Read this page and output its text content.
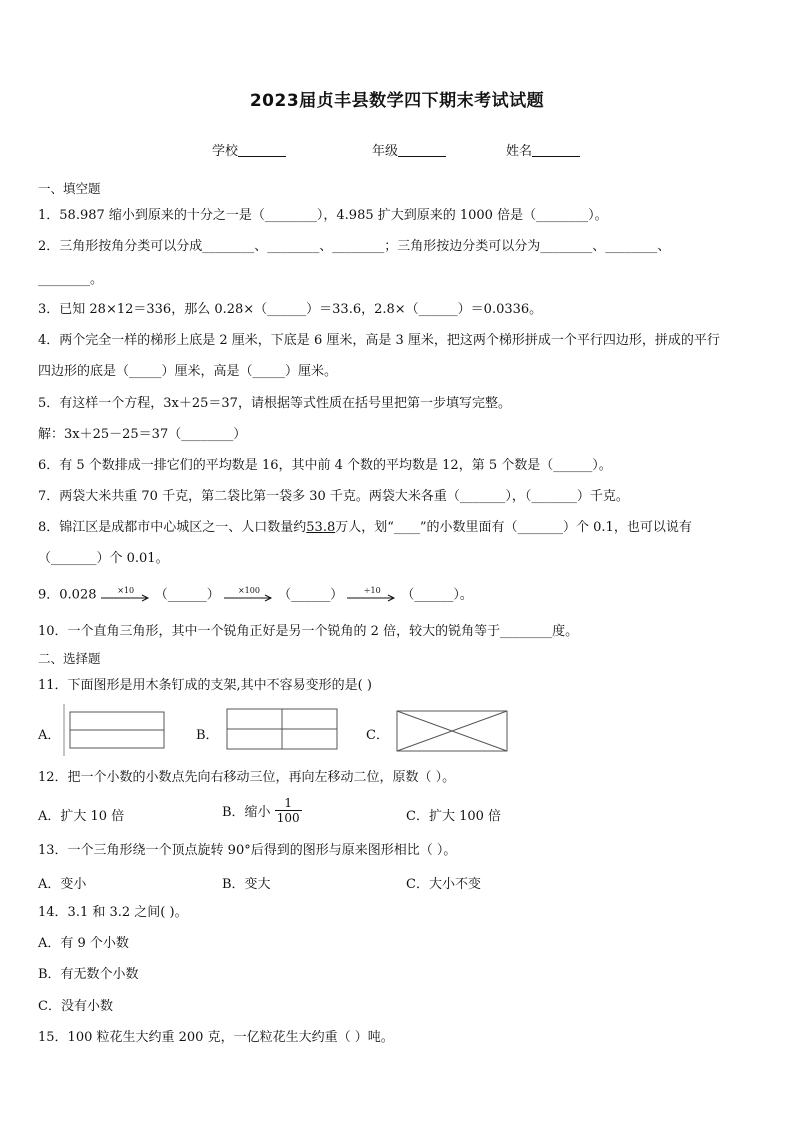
2023届贞丰县数学四下期末考试试题
学校	年级	姓名
一、填空题
1．58.987 缩小到原来的十分之一是（________），4.985 扩大到原来的 1000 倍是（________）。
2．三角形按角分类可以分成________、________、________；三角形按边分类可以分为________、________、
________。
3．已知 28×12＝336，那么 0.28×（______）＝33.6，2.8×（______）＝0.0336。
4．两个完全一样的梯形上底是 2 厘米，下底是 6 厘米，高是 3 厘米，把这两个梯形拼成一个平行四边形，拼成的平行
四边形的底是（_____）厘米，高是（_____）厘米。
5．有这样一个方程，3x＋25＝37，请根据等式性质在括号里把第一步填写完整。
解：3x＋25－25＝37（________）
6．有 5 个数排成一排它们的平均数是 16，其中前 4 个数的平均数是 12，第 5 个数是（______）。
7．两袋大米共重 70 千克，第二袋比第一袋多 30 千克。两袋大米各重（_______），（_______）千克。
8．锦江区是成都市中心城区之一、人口数量约53.8万人，划“____”的小数里面有（_______）个 0.1，也可以说有
（_______）个 0.01。
9．0.028	×10	（______）	×100	（______）	÷10	（______）。
10．一个直角三角形，其中一个锐角正好是另一个锐角的 2 倍，较大的锐角等于________度。
二、选择题
11．下面图形是用木条钉成的支架,其中不容易变形的是( )
A．	B．	C．
12．把一个小数的小数点先向右移动三位，再向左移动二位，原数（ ）。
A．扩大 10 倍	B．缩小 $\frac{1}{100}$	C．扩大 100 倍
13．一个三角形绕一个顶点旋转 90°后得到的图形与原来图形相比（ ）。
A．变小	B．变大	C．大小不变
14．3.1 和 3.2 之间( )。
A．有 9 个小数
B．有无数个小数
C．没有小数
15．100 粒花生大约重 200 克，一亿粒花生大约重（ ）吨。
